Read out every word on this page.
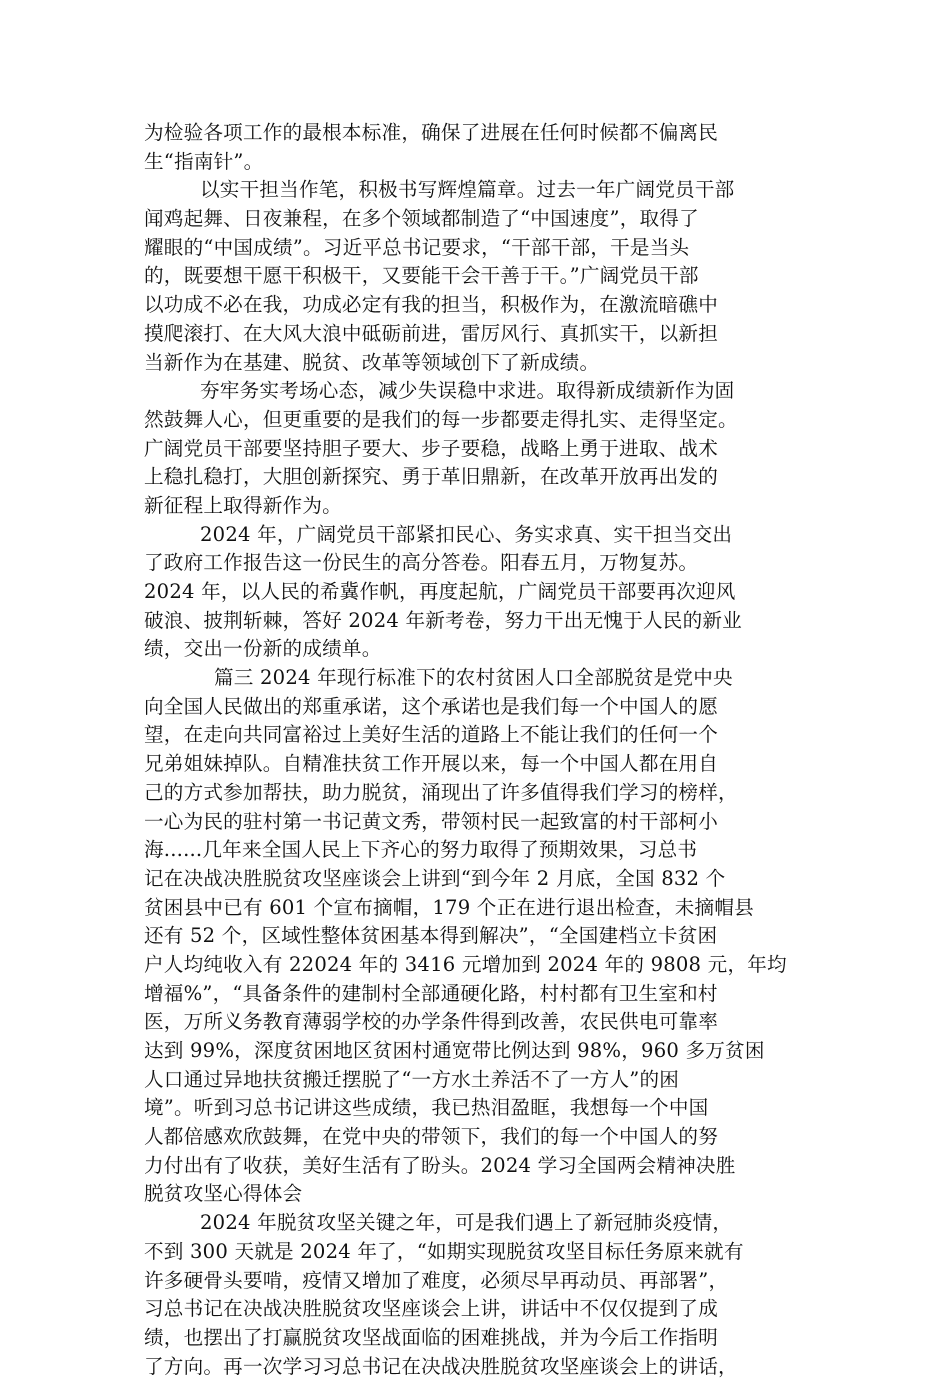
为检验各项工作的最根本标准，确保了进展在任何时候都不偏离民
生“指南针”。
以实干担当作笔，积极书写辉煌篇章。过去一年广阔党员干部
闻鸡起舞、日夜兼程，在多个领域都制造了“中国速度”，取得了
耀眼的“中国成绩”。习近平总书记要求，“干部干部，干是当头
的，既要想干愿干积极干，又要能干会干善于干。”广阔党员干部
以功成不必在我，功成必定有我的担当，积极作为，在激流暗礁中
摸爬滚打、在大风大浪中砥砺前进，雷厉风行、真抓实干，以新担
当新作为在基建、脱贫、改革等领域创下了新成绩。
夯牢务实考场心态，减少失误稳中求进。取得新成绩新作为固
然鼓舞人心，但更重要的是我们的每一步都要走得扎实、走得坚定。
广阔党员干部要坚持胆子要大、步子要稳，战略上勇于进取、战术
上稳扎稳打，大胆创新探究、勇于革旧鼎新，在改革开放再出发的
新征程上取得新作为。
2024 年，广阔党员干部紧扣民心、务实求真、实干担当交出
了政府工作报告这一份民生的高分答卷。阳春五月，万物复苏。
2024 年，以人民的希冀作帆，再度起航，广阔党员干部要再次迎风
破浪、披荆斩棘，答好 2024 年新考卷，努力干出无愧于人民的新业
绩，交出一份新的成绩单。
篇三 2024 年现行标准下的农村贫困人口全部脱贫是党中央
向全国人民做出的郑重承诺，这个承诺也是我们每一个中国人的愿
望，在走向共同富裕过上美好生活的道路上不能让我们的任何一个
兄弟姐妹掉队。自精准扶贫工作开展以来，每一个中国人都在用自
己的方式参加帮扶，助力脱贫，涌现出了许多值得我们学习的榜样，
一心为民的驻村第一书记黄文秀，带领村民一起致富的村干部柯小
海......几年来全国人民上下齐心的努力取得了预期效果，习总书
记在决战决胜脱贫攻坚座谈会上讲到“到今年 2 月底，全国 832 个
贫困县中已有 601 个宣布摘帽，179 个正在进行退出检查，未摘帽县
还有 52 个，区域性整体贫困基本得到解决”，“全国建档立卡贫困
户人均纯收入有 22024 年的 3416 元增加到 2024 年的 9808 元，年均
增福%”，“具备条件的建制村全部通硬化路，村村都有卫生室和村
医，万所义务教育薄弱学校的办学条件得到改善，农民供电可靠率
达到 99%，深度贫困地区贫困村通宽带比例达到 98%，960 多万贫困
人口通过异地扶贫搬迁摆脱了“一方水土养活不了一方人”的困
境”。听到习总书记讲这些成绩，我已热泪盈眶，我想每一个中国
人都倍感欢欣鼓舞，在党中央的带领下，我们的每一个中国人的努
力付出有了收获，美好生活有了盼头。2024 学习全国两会精神决胜
脱贫攻坚心得体会
2024 年脱贫攻坚关键之年，可是我们遇上了新冠肺炎疫情，
不到 300 天就是 2024 年了，“如期实现脱贫攻坚目标任务原来就有
许多硬骨头要啃，疫情又增加了难度，必须尽早再动员、再部署”，
习总书记在决战决胜脱贫攻坚座谈会上讲，讲话中不仅仅提到了成
绩，也摆出了打赢脱贫攻坚战面临的困难挑战，并为今后工作指明
了方向。再一次学习习总书记在决战决胜脱贫攻坚座谈会上的讲话，
